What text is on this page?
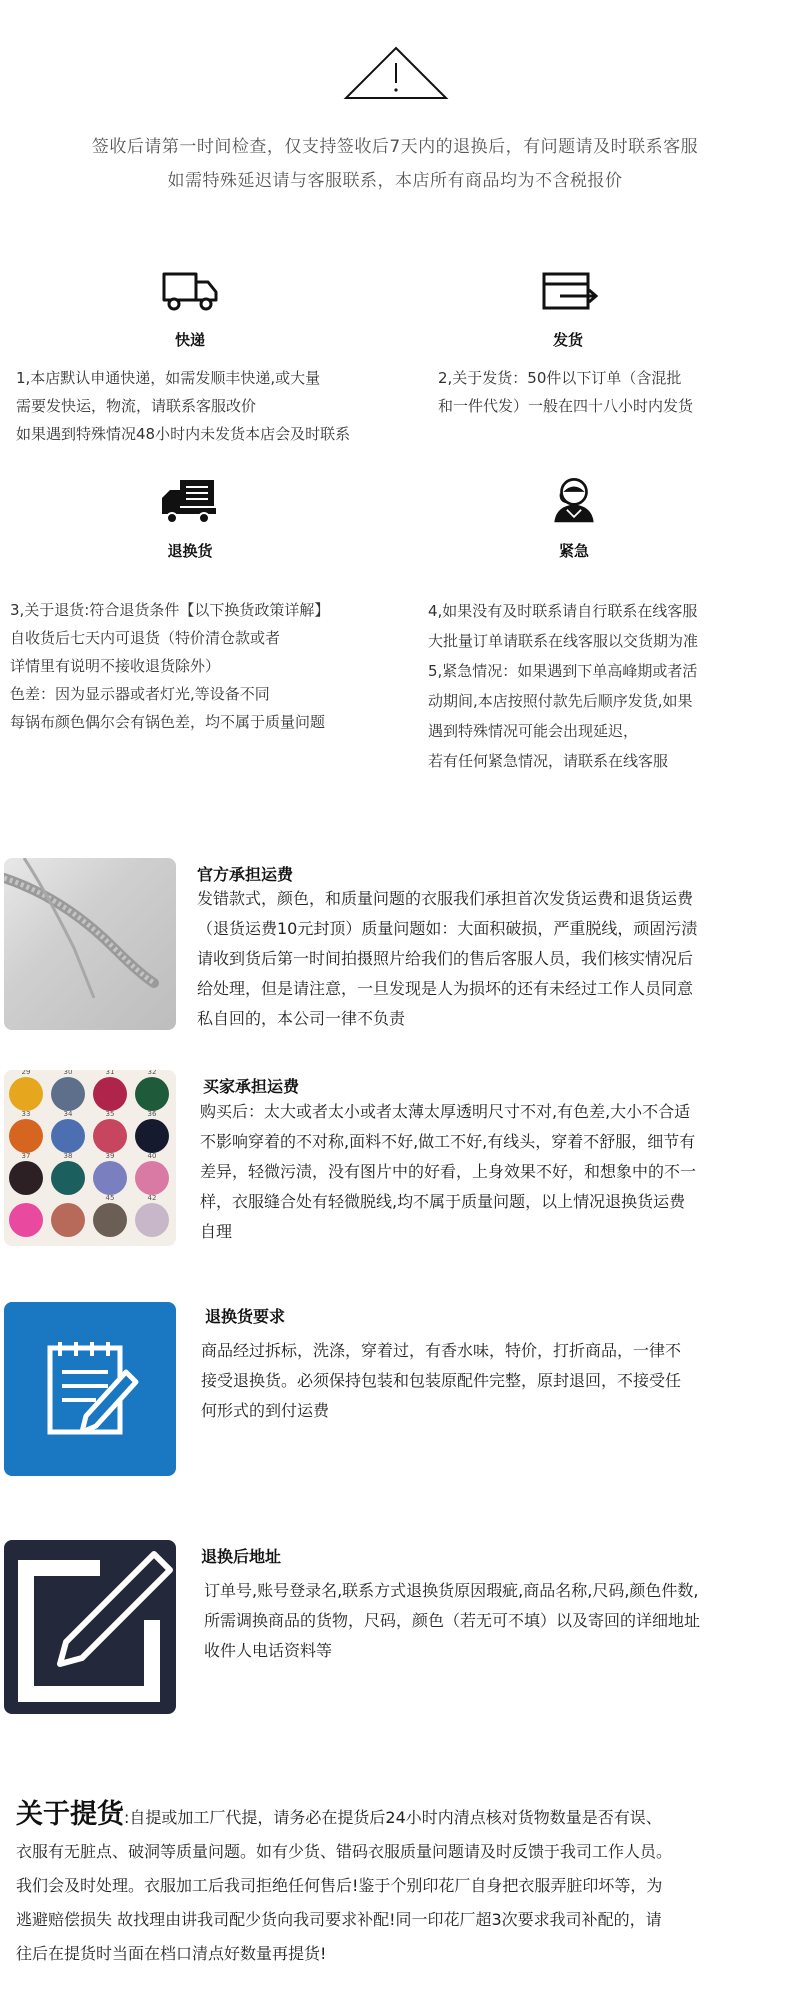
签收后请第一时间检查，仅支持签收后7天内的退换后，有问题请及时联系客服
如需特殊延迟请与客服联系，本店所有商品均为不含税报价
快递
1,本店默认申通快递，如需发顺丰快递,或大量
需要发快运，物流，请联系客服改价
如果遇到特殊情况48小时内未发货本店会及时联系
发货
2,关于发货：50件以下订单（含混批
和一件代发）一般在四十八小时内发货
退换货
3,关于退货:符合退货条件【以下换货政策详解】
自收货后七天内可退货（特价清仓款或者
详情里有说明不接收退货除外）
色差：因为显示器或者灯光,等设备不同
每锅布颜色偶尔会有锅色差，均不属于质量问题
紧急
4,如果没有及时联系请自行联系在线客服
大批量订单请联系在线客服以交货期为准
5,紧急情况：如果遇到下单高峰期或者活
动期间,本店按照付款先后顺序发货,如果
遇到特殊情况可能会出现延迟，
若有任何紧急情况，请联系在线客服
官方承担运费
发错款式，颜色，和质量问题的衣服我们承担首次发货运费和退货运费
（退货运费10元封顶）质量问题如：大面积破损，严重脱线，顽固污渍
请收到货后第一时间拍摄照片给我们的售后客服人员，我们核实情况后
给处理，但是请注意，一旦发现是人为损坏的还有未经过工作人员同意
私自回的，本公司一律不负责
29	30	31	32
33	34	35	36
37	38	39	40
45	42
买家承担运费
购买后：太大或者太小或者太薄太厚透明尺寸不对,有色差,大小不合适
不影响穿着的不对称,面料不好,做工不好,有线头，穿着不舒服，细节有
差异，轻微污渍，没有图片中的好看，上身效果不好，和想象中的不一
样，衣服缝合处有轻微脱线,均不属于质量问题，以上情况退换货运费
自理
退换货要求
商品经过拆标，洗涤，穿着过，有香水味，特价，打折商品，一律不
接受退换货。必须保持包装和包装原配件完整，原封退回，不接受任
何形式的到付运费
退换后地址
订单号,账号登录名,联系方式退换货原因瑕疵,商品名称,尺码,颜色件数,
所需调换商品的货物，尺码，颜色（若无可不填）以及寄回的详细地址
收件人电话资料等
关于提货:自提或加工厂代提，请务必在提货后24小时内清点核对货物数量是否有误、
衣服有无脏点、破洞等质量问题。如有少货、错码衣服质量问题请及时反馈于我司工作人员。
我们会及时处理。衣服加工后我司拒绝任何售后!鉴于个别印花厂自身把衣服弄脏印坏等，为
逃避赔偿损失 故找理由讲我司配少货向我司要求补配!同一印花厂超3次要求我司补配的，请
往后在提货时当面在档口清点好数量再提货!
